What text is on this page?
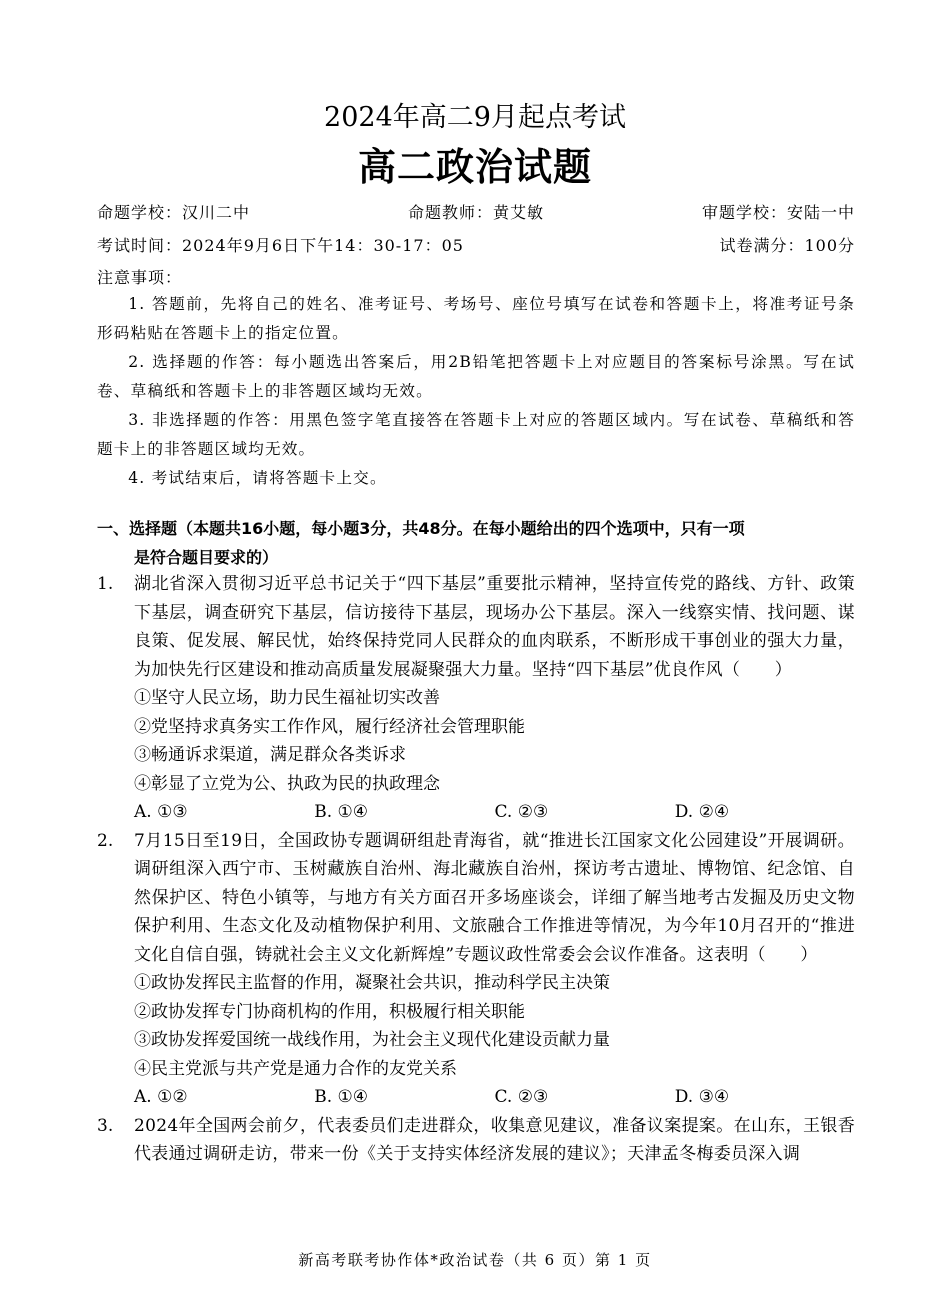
2024年高二9月起点考试
高二政治试题
命题学校：汉川二中	命题教师：黄艾敏	审题学校：安陆一中
考试时间：2024年9月6日下午14：30-17：05	试卷满分：100分
注意事项：

1. 答题前，先将自己的姓名、准考证号、考场号、座位号填写在试卷和答题卡上，将准考证号条形码粘贴在答题卡上的指定位置。

2. 选择题的作答：每小题选出答案后，用2B铅笔把答题卡上对应题目的答案标号涂黑。写在试卷、草稿纸和答题卡上的非答题区域均无效。

3. 非选择题的作答：用黑色签字笔直接答在答题卡上对应的答题区域内。写在试卷、草稿纸和答题卡上的非答题区域均无效。

4. 考试结束后，请将答题卡上交。

一、选择题（本题共16小题，每小题3分，共48分。在每小题给出的四个选项中，只有一项
是符合题目要求的）
1. 湖北省深入贯彻习近平总书记关于“四下基层”重要批示精神，坚持宣传党的路线、方针、政策下基层，调查研究下基层，信访接待下基层，现场办公下基层。深入一线察实情、找问题、谋良策、促发展、解民忧，始终保持党同人民群众的血肉联系，不断形成干事创业的强大力量，为加快先行区建设和推动高质量发展凝聚强大力量。坚持“四下基层”优良作风（　　）
①坚守人民立场，助力民生福祉切实改善
②党坚持求真务实工作作风，履行经济社会管理职能
③畅通诉求渠道，满足群众各类诉求
④彰显了立党为公、执政为民的执政理念
A. ①③	B. ①④	C. ②③	D. ②④
2. 7月15日至19日，全国政协专题调研组赴青海省，就“推进长江国家文化公园建设”开展调研。调研组深入西宁市、玉树藏族自治州、海北藏族自治州，探访考古遗址、博物馆、纪念馆、自然保护区、特色小镇等，与地方有关方面召开多场座谈会，详细了解当地考古发掘及历史文物保护利用、生态文化及动植物保护利用、文旅融合工作推进等情况，为今年10月召开的“推进文化自信自强，铸就社会主义文化新辉煌”专题议政性常委会会议作准备。这表明（　　）
①政协发挥民主监督的作用，凝聚社会共识，推动科学民主决策
②政协发挥专门协商机构的作用，积极履行相关职能
③政协发挥爱国统一战线作用，为社会主义现代化建设贡献力量
④民主党派与共产党是通力合作的友党关系
A. ①②	B. ①④	C. ②③	D. ③④
3. 2024年全国两会前夕，代表委员们走进群众，收集意见建议，准备议案提案。在山东，王银香代表通过调研走访，带来一份《关于支持实体经济发展的建议》；天津孟冬梅委员深入调
新高考联考协作体*政治试卷（共 6 页）第 1 页
